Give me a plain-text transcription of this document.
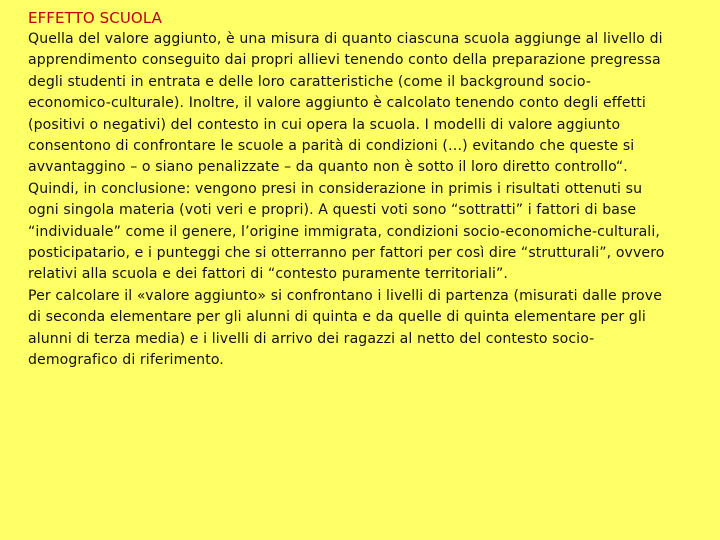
EFFETTO SCUOLA

Quella del valore aggiunto, è una misura di quanto ciascuna scuola aggiunge al livello di apprendimento conseguito dai propri allievi tenendo conto della preparazione pregressa degli studenti in entrata e delle loro caratteristiche (come il background socio-economico-culturale). Inoltre, il valore aggiunto è calcolato tenendo conto degli effetti (positivi o negativi) del contesto in cui opera la scuola. I modelli di valore aggiunto consentono di confrontare le scuole a parità di condizioni (…) evitando che queste si avvantaggino – o siano penalizzate – da quanto non è sotto il loro diretto controllo“.

Quindi, in conclusione: vengono presi in considerazione in primis i risultati ottenuti su ogni singola materia (voti veri e propri). A questi voti sono “sottratti” i fattori di base “individuale” come il genere, l’origine immigrata, condizioni socio-economiche-culturali, posticipatario, e i punteggi che si otterranno per fattori per così dire “strutturali”, ovvero relativi alla scuola e dei fattori di “contesto puramente territoriali”.

Per calcolare il «valore aggiunto» si confrontano i livelli di partenza (misurati dalle prove di seconda elementare per gli alunni di quinta e da quelle di quinta elementare per gli alunni di terza media) e i livelli di arrivo dei ragazzi al netto del contesto socio-demografico di riferimento.
